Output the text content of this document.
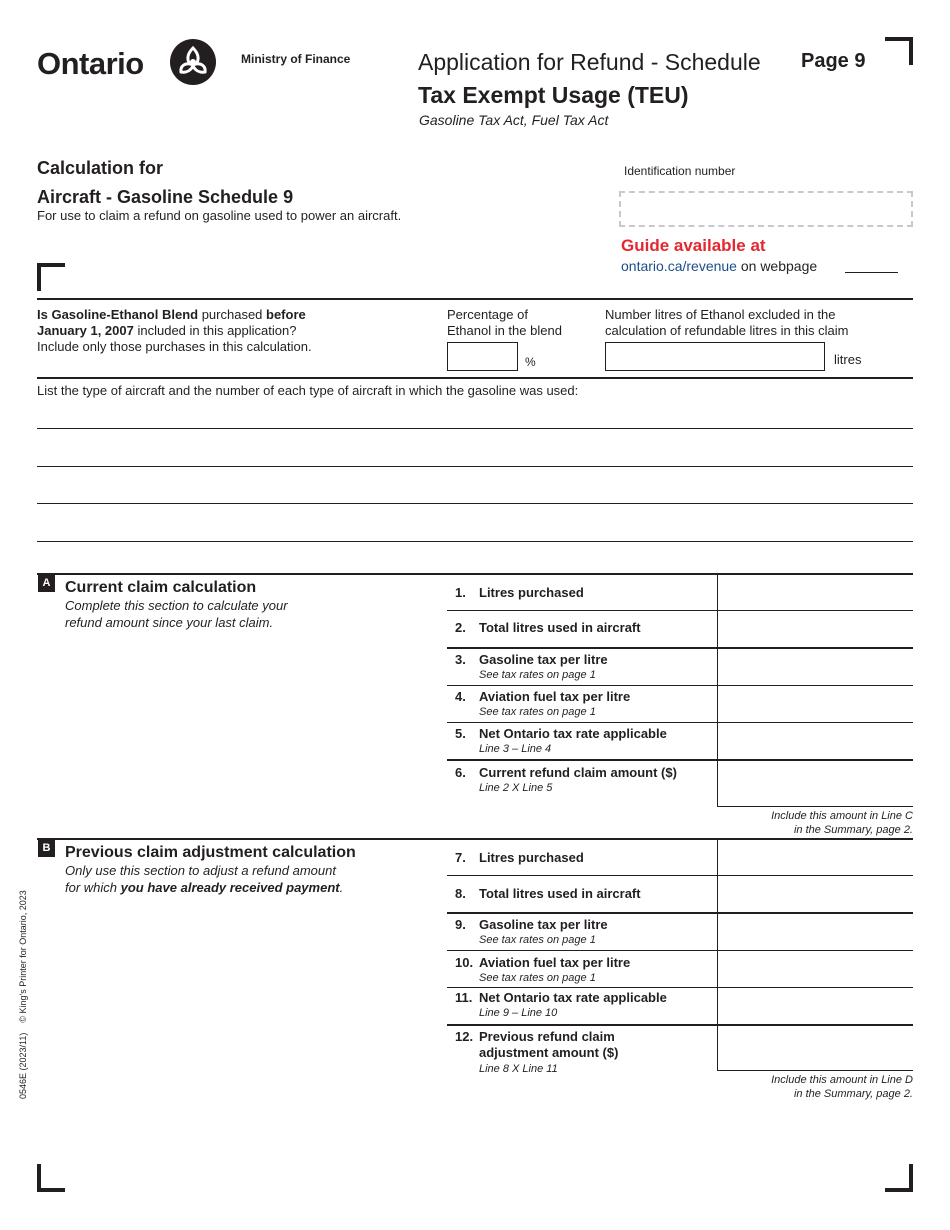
Ontario	Ministry of Finance	Application for Refund - Schedule
Tax Exempt Usage (TEU)
Gasoline Tax Act, Fuel Tax Act
Page 9
Calculation for
Aircraft - Gasoline Schedule 9
For use to claim a refund on gasoline used to power an aircraft.
Identification number
Guide available at
ontario.ca/revenue on webpage
Is Gasoline-Ethanol Blend purchased before
January 1, 2007 included in this application?
Include only those purchases in this calculation.
Percentage of
Ethanol in the blend
%
Number litres of Ethanol excluded in the
calculation of refundable litres in this claim
litres
List the type of aircraft and the number of each type of aircraft in which the gasoline was used:
A Current claim calculation
Complete this section to calculate your
refund amount since your last claim.
1. Litres purchased
2. Total litres used in aircraft
3. Gasoline tax per litre
See tax rates on page 1
4. Aviation fuel tax per litre
See tax rates on page 1
5. Net Ontario tax rate applicable
Line 3 – Line 4
6. Current refund claim amount ($)
Line 2 X Line 5
Include this amount in Line C
in the Summary, page 2.
B Previous claim adjustment calculation
Only use this section to adjust a refund amount
for which you have already received payment.
7. Litres purchased
8. Total litres used in aircraft
9. Gasoline tax per litre
See tax rates on page 1
10. Aviation fuel tax per litre
See tax rates on page 1
11. Net Ontario tax rate applicable
Line 9 – Line 10
12. Previous refund claim
adjustment amount ($)
Line 8 X Line 11
Include this amount in Line D
in the Summary, page 2.
0546E (2023/11)    © King's Printer for Ontario, 2023
